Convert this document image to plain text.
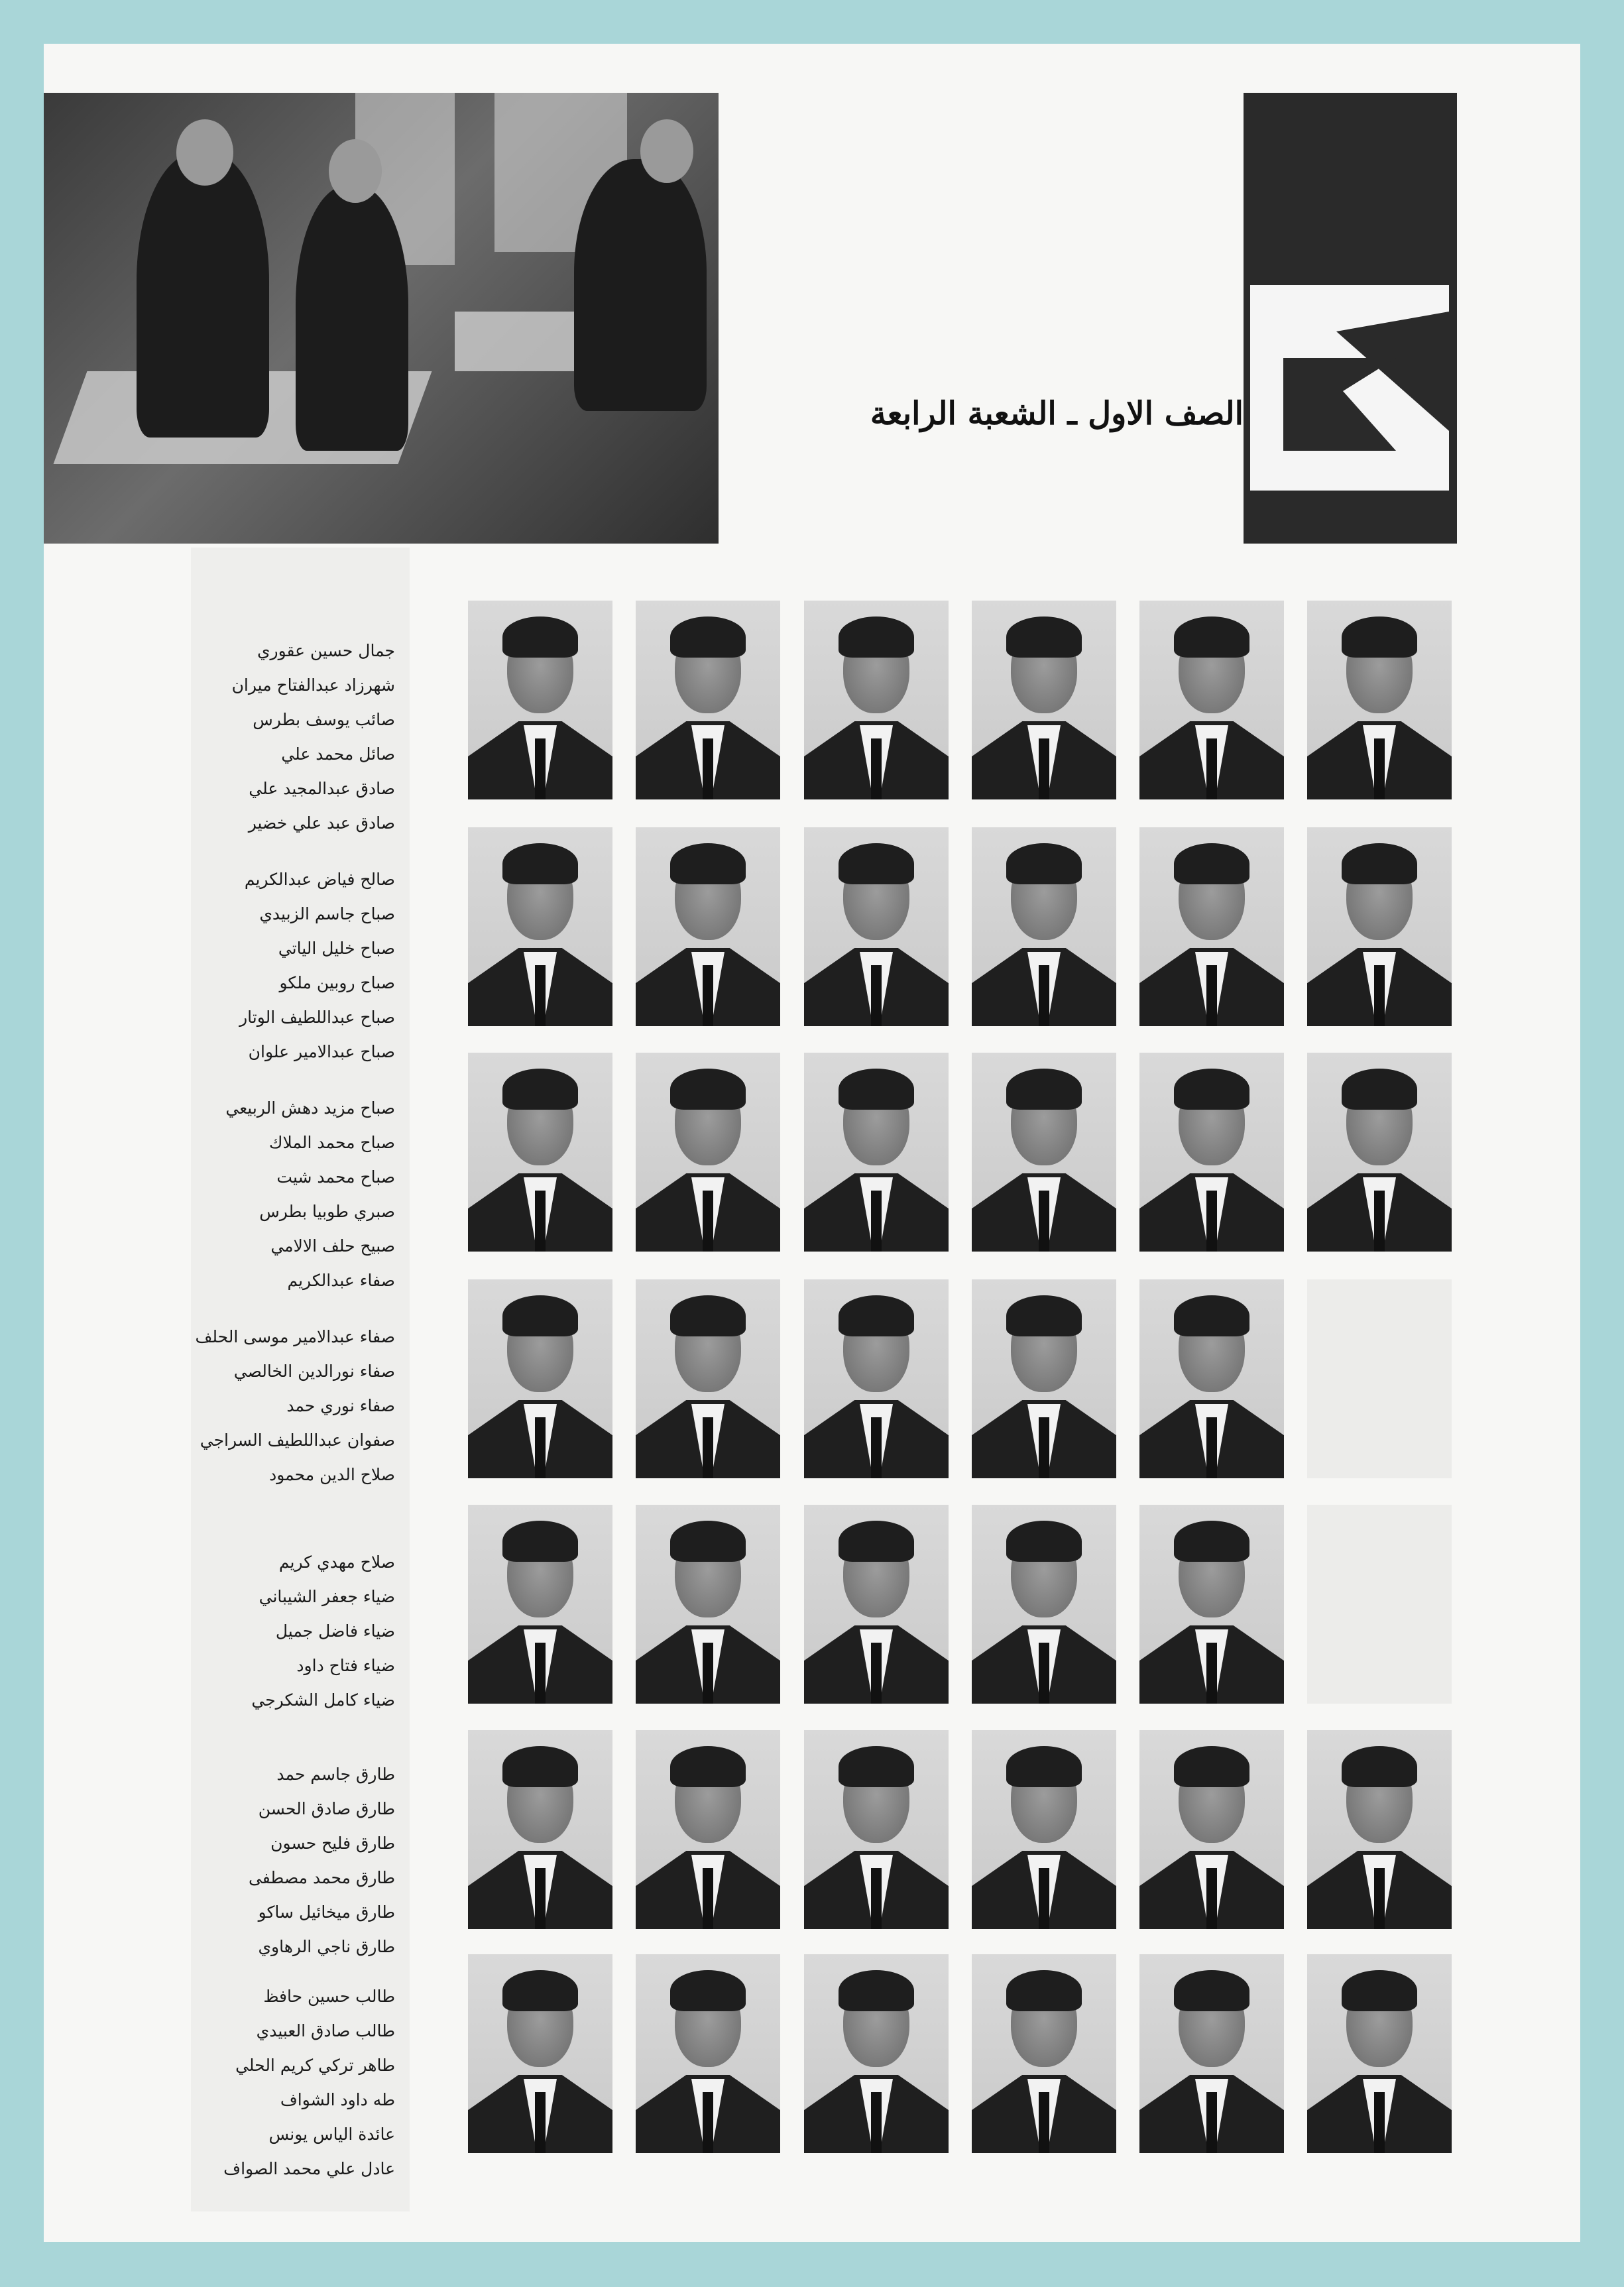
الصف الاول ـ الشعبة الرابعة
جمال حسين عقوري
شهرزاد عبدالفتاح ميران
صائب يوسف بطرس
صائل محمد علي
صادق عبدالمجيد علي
صادق عبد علي خضير
صالح فياض عبدالكريم
صباح جاسم الزبيدي
صباح خليل الياتي
صباح روبين ملكو
صباح عبداللطيف الوتار
صباح عبدالامير علوان
صباح مزيد دهش الربيعي
صباح محمد الملاك
صباح محمد شيت
صبري طوبيا بطرس
صبيح حلف الالامي
صفاء عبدالكريم
صفاء عبدالامير موسى الحلف
صفاء نورالدين الخالصي
صفاء نوري حمد
صفوان عبداللطيف السراجي
صلاح الدين محمود
صلاح مهدي كريم
ضياء جعفر الشيباني
ضياء فاضل جميل
ضياء فتاح داود
ضياء كامل الشكرجي
طارق جاسم حمد
طارق صادق الحسن
طارق فليح حسون
طارق محمد مصطفى
طارق ميخائيل ساكو
طارق ناجي الرهاوي
طالب حسين حافظ
طالب صادق العبيدي
طاهر تركي كريم الحلي
طه داود الشواف
عائدة الياس يونس
عادل علي محمد الصواف
